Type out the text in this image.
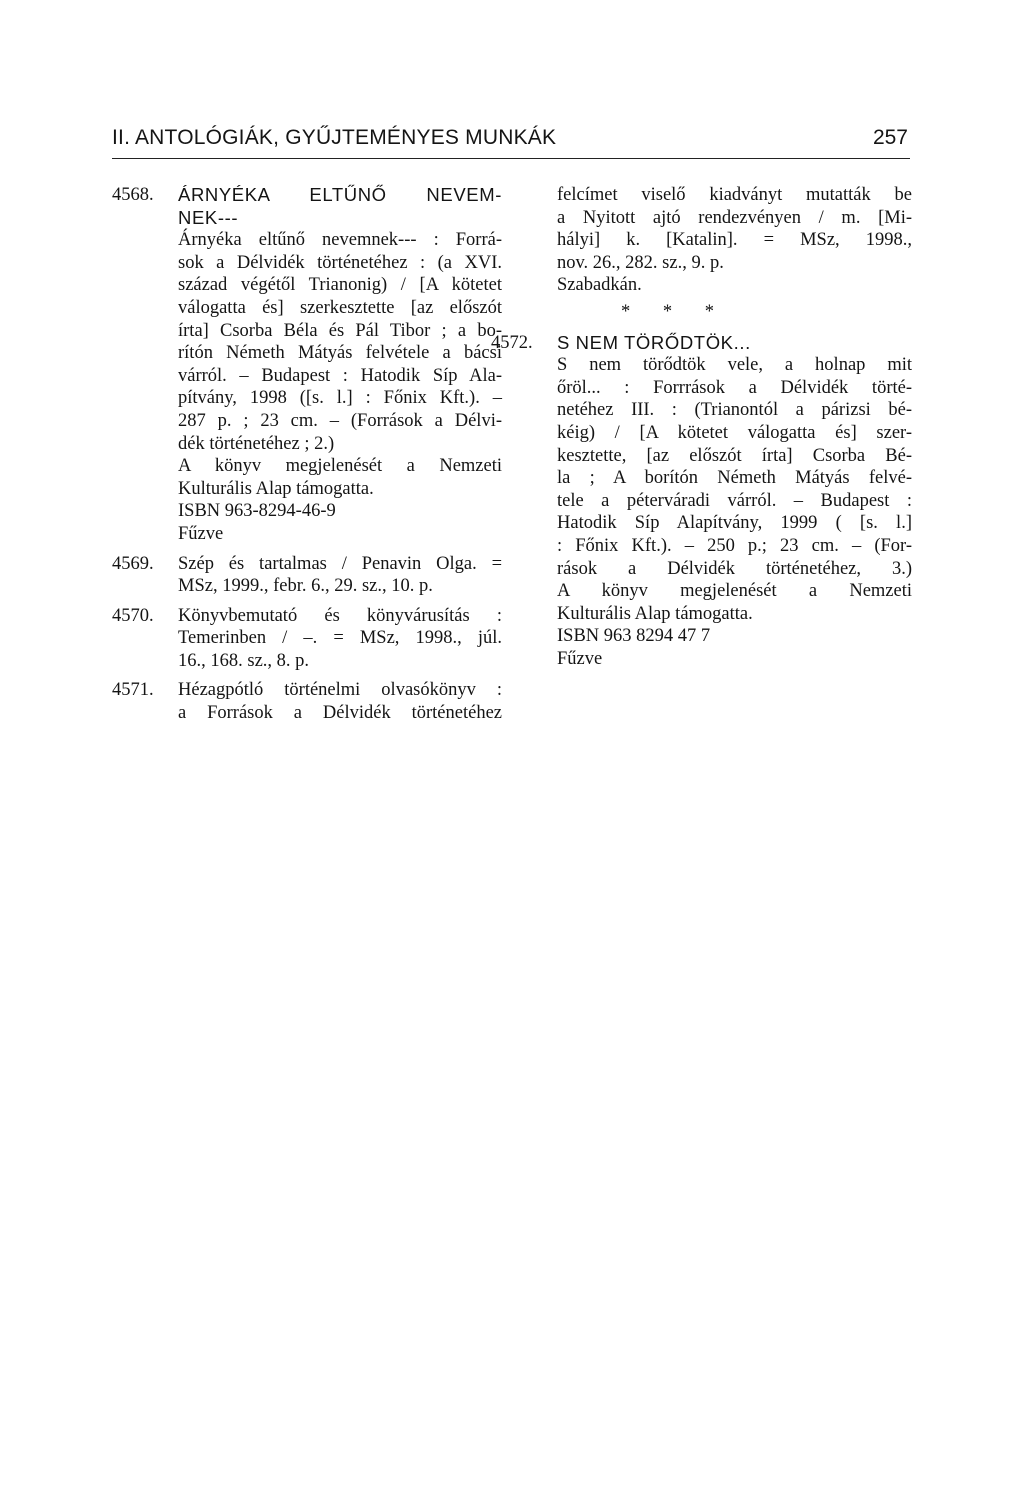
II. ANTOLÓGIÁK, GYŰJTEMÉNYES MUNKÁK	257
4568. ÁRNYÉKA ELTŰNŐ NEVEM-
NEK---
Árnyéka eltűnő nevemnek--- : Forrá-
sok a Délvidék történetéhez : (a XVI.
század végétől Trianonig) / [A kötetet
válogatta és] szerkesztette [az előszót
írta] Csorba Béla és Pál Tibor ; a bo-
rítón Németh Mátyás felvétele a bácsi
várról. – Budapest : Hatodik Síp Ala-
pítvány, 1998 ([s. l.] : Főnix Kft.). –
287 p. ; 23 cm. – (Források a Délvi-
dék történetéhez ; 2.)
A könyv megjelenését a Nemzeti
Kulturális Alap támogatta.
ISBN 963-8294-46-9
Fűzve
4569. Szép és tartalmas / Penavin Olga. =
MSz, 1999., febr. 6., 29. sz., 10. p.
4570. Könyvbemutató és könyvárusítás :
Temerinben / –. = MSz, 1998., júl.
16., 168. sz., 8. p.
4571. Hézagpótló történelmi olvasókönyv :
a Források a Délvidék történetéhez
felcímet viselő kiadványt mutatták be
a Nyitott ajtó rendezvényen / m. [Mi-
hályi] k. [Katalin]. = MSz, 1998.,
nov. 26., 282. sz., 9. p.
Szabadkán.
* * *
4572. S NEM TÖRŐDTÖK...
S nem törődtök vele, a holnap mit
őröl... : Forrrások a Délvidék törté-
netéhez III. : (Trianontól a párizsi bé-
kéig) / [A kötetet válogatta és] szer-
kesztette, [az előszót írta] Csorba Bé-
la ; A borítón Németh Mátyás felvé-
tele a péterváradi várról. – Budapest :
Hatodik Síp Alapítvány, 1999 ( [s. l.]
: Főnix Kft.). – 250 p.; 23 cm. – (For-
rások a Délvidék történetéhez, 3.)
A könyv megjelenését a Nemzeti
Kulturális Alap támogatta.
ISBN 963 8294 47 7
Fűzve
